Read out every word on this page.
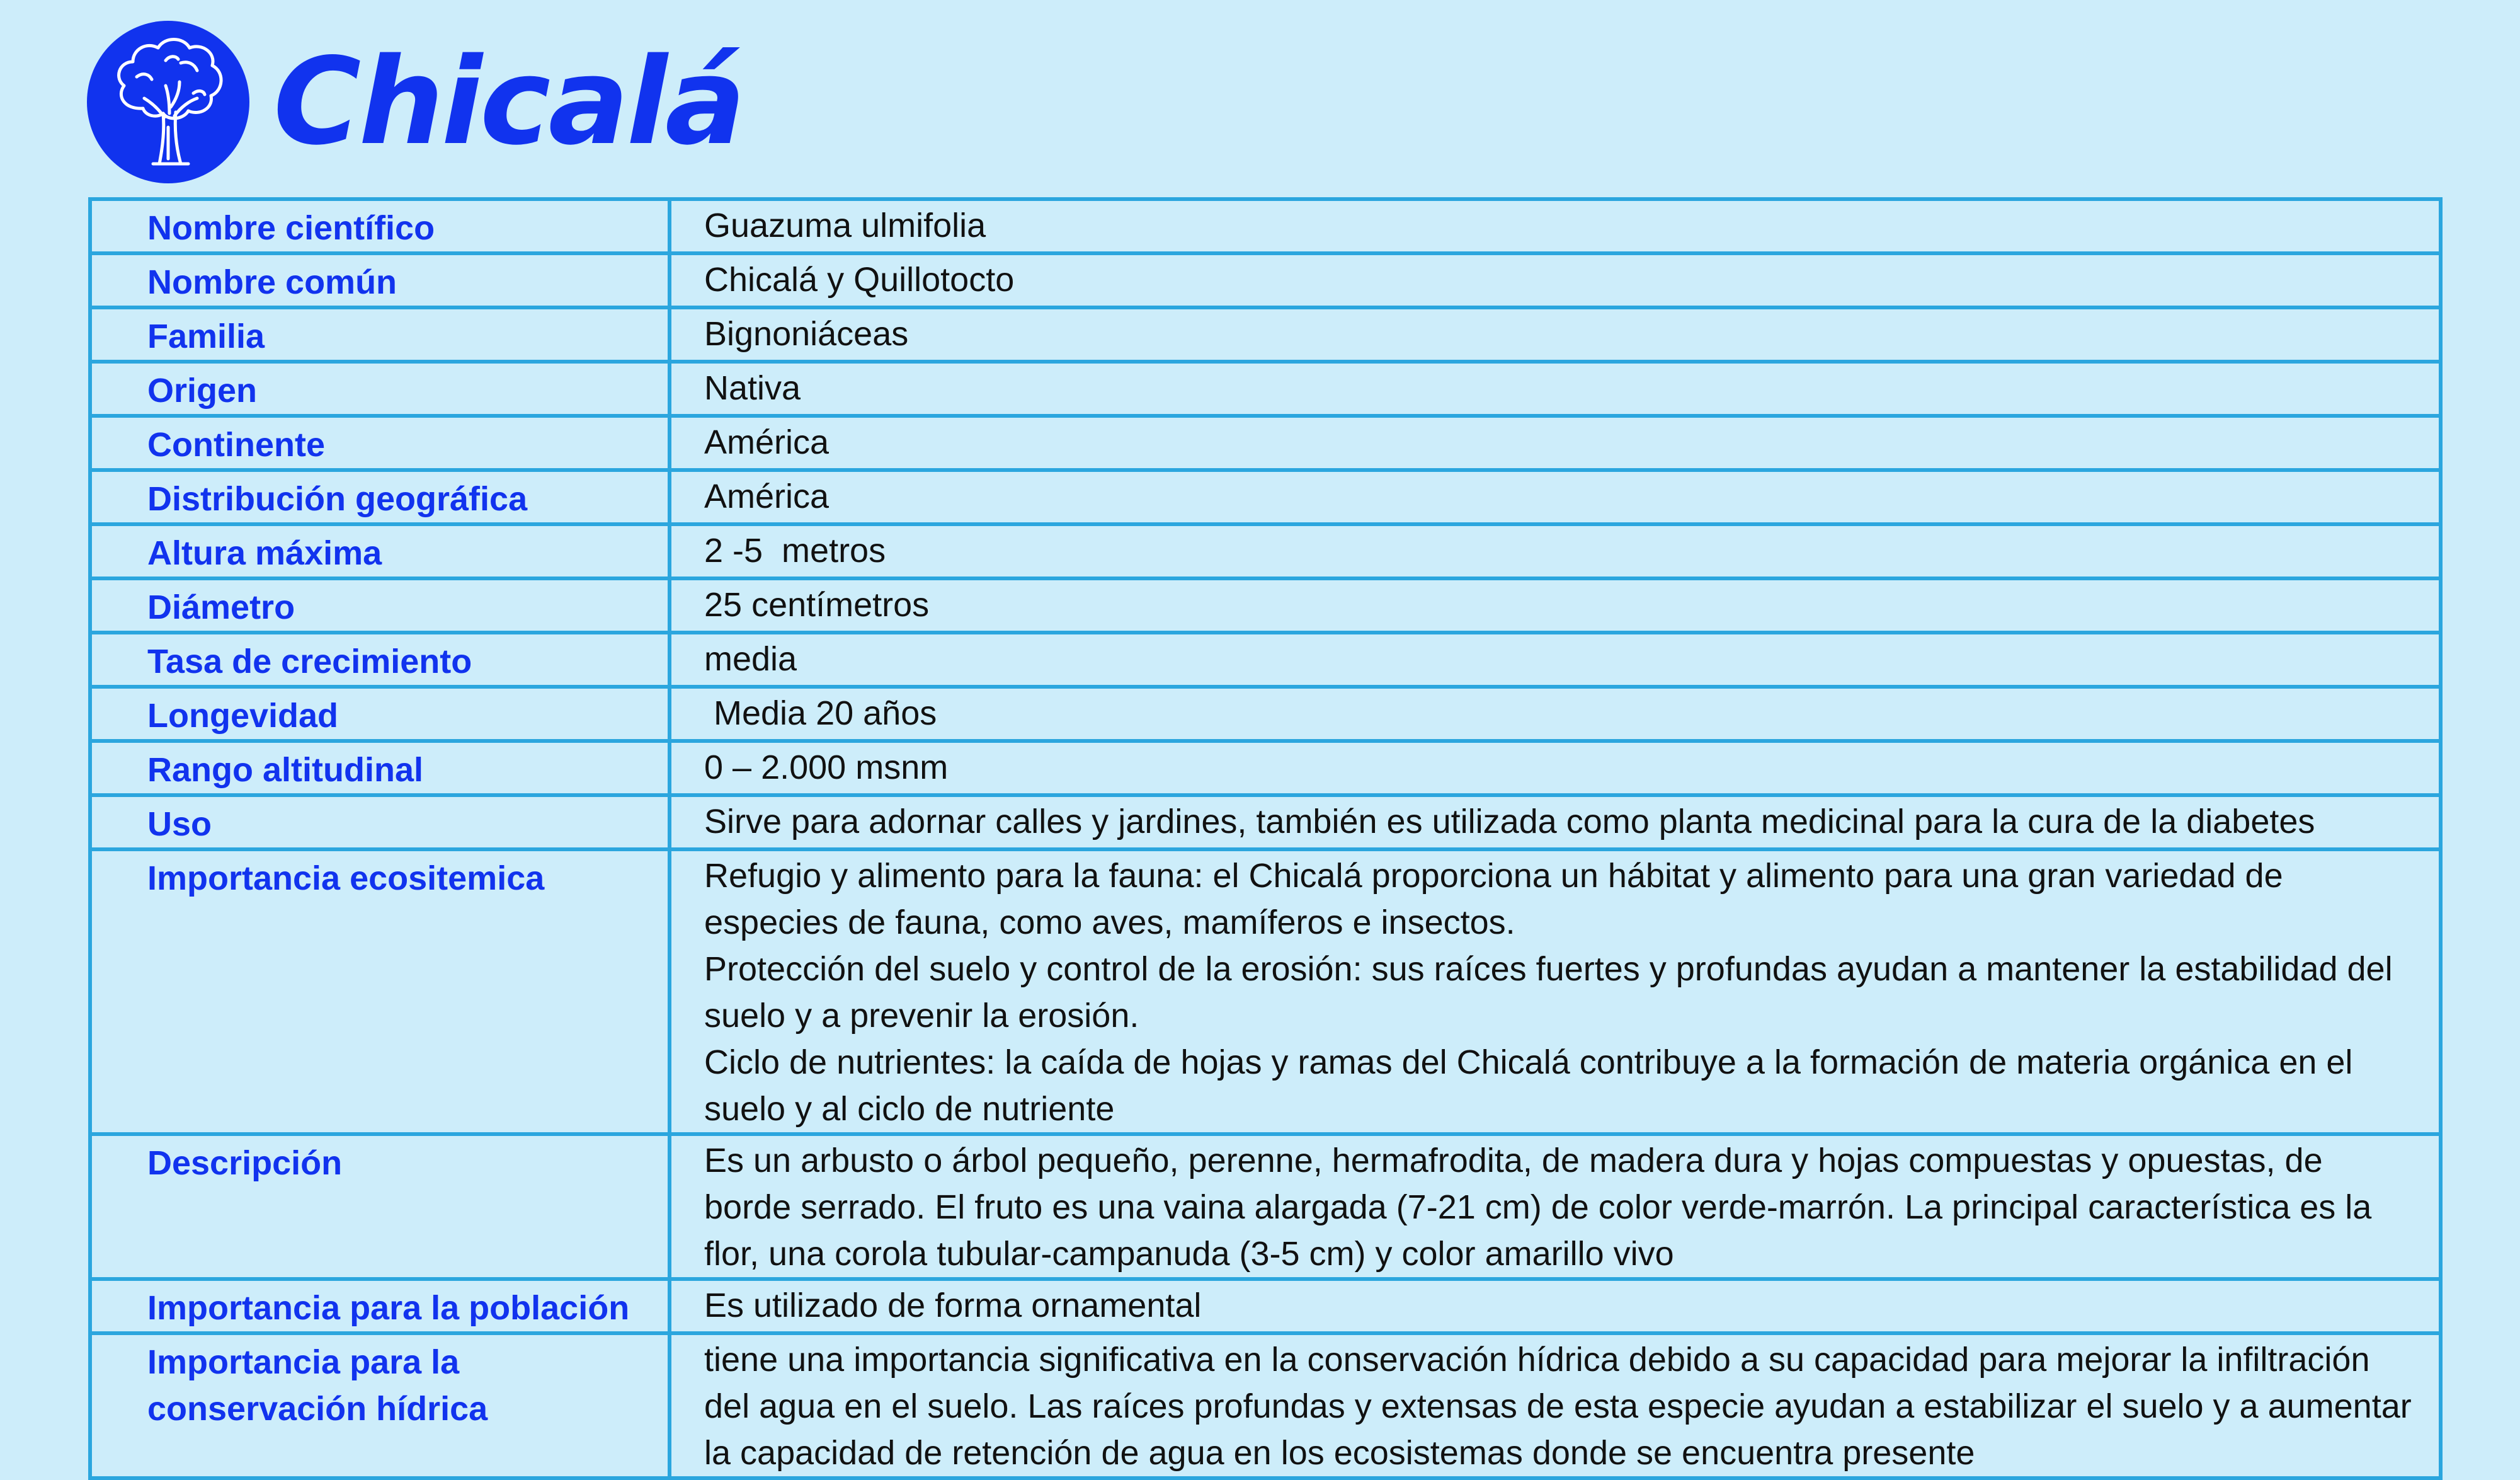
Chicalá
Nombre científico	Guazuma ulmifolia

Nombre común	Chicalá y Quillotocto

Familia	Bignoniáceas

Origen	Nativa

Continente	América

Distribución geográfica	América

Altura máxima	2 -5  metros

Diámetro	25 centímetros

Tasa de crecimiento	media

Longevidad	Media 20 años

Rango altitudinal	0 – 2.000 msnm

Uso	Sirve para adornar calles y jardines, también es utilizada como planta medicinal para la cura de la diabetes

Importancia ecositemica	Refugio y alimento para la fauna: el Chicalá proporciona un hábitat y alimento para una gran variedad de especies de fauna, como aves, mamíferos e insectos.
Protección del suelo y control de la erosión: sus raíces fuertes y profundas ayudan a mantener la estabilidad del suelo y a prevenir la erosión.
Ciclo de nutrientes: la caída de hojas y ramas del Chicalá contribuye a la formación de materia orgánica en el suelo y al ciclo de nutriente

Descripción	Es un arbusto o árbol pequeño, perenne, hermafrodita, de madera dura y hojas compuestas y opuestas, de borde serrado. El fruto es una vaina alargada (7-21 cm) de color verde-marrón. La principal característica es la flor, una corola tubular-campanuda (3-5 cm) y color amarillo vivo

Importancia para la población	Es utilizado de forma ornamental

Importancia para la conservación hídrica	tiene una importancia significativa en la conservación hídrica debido a su capacidad para mejorar la infiltración del agua en el suelo. Las raíces profundas y extensas de esta especie ayudan a estabilizar el suelo y a aumentar la capacidad de retención de agua en los ecosistemas donde se encuentra presente
